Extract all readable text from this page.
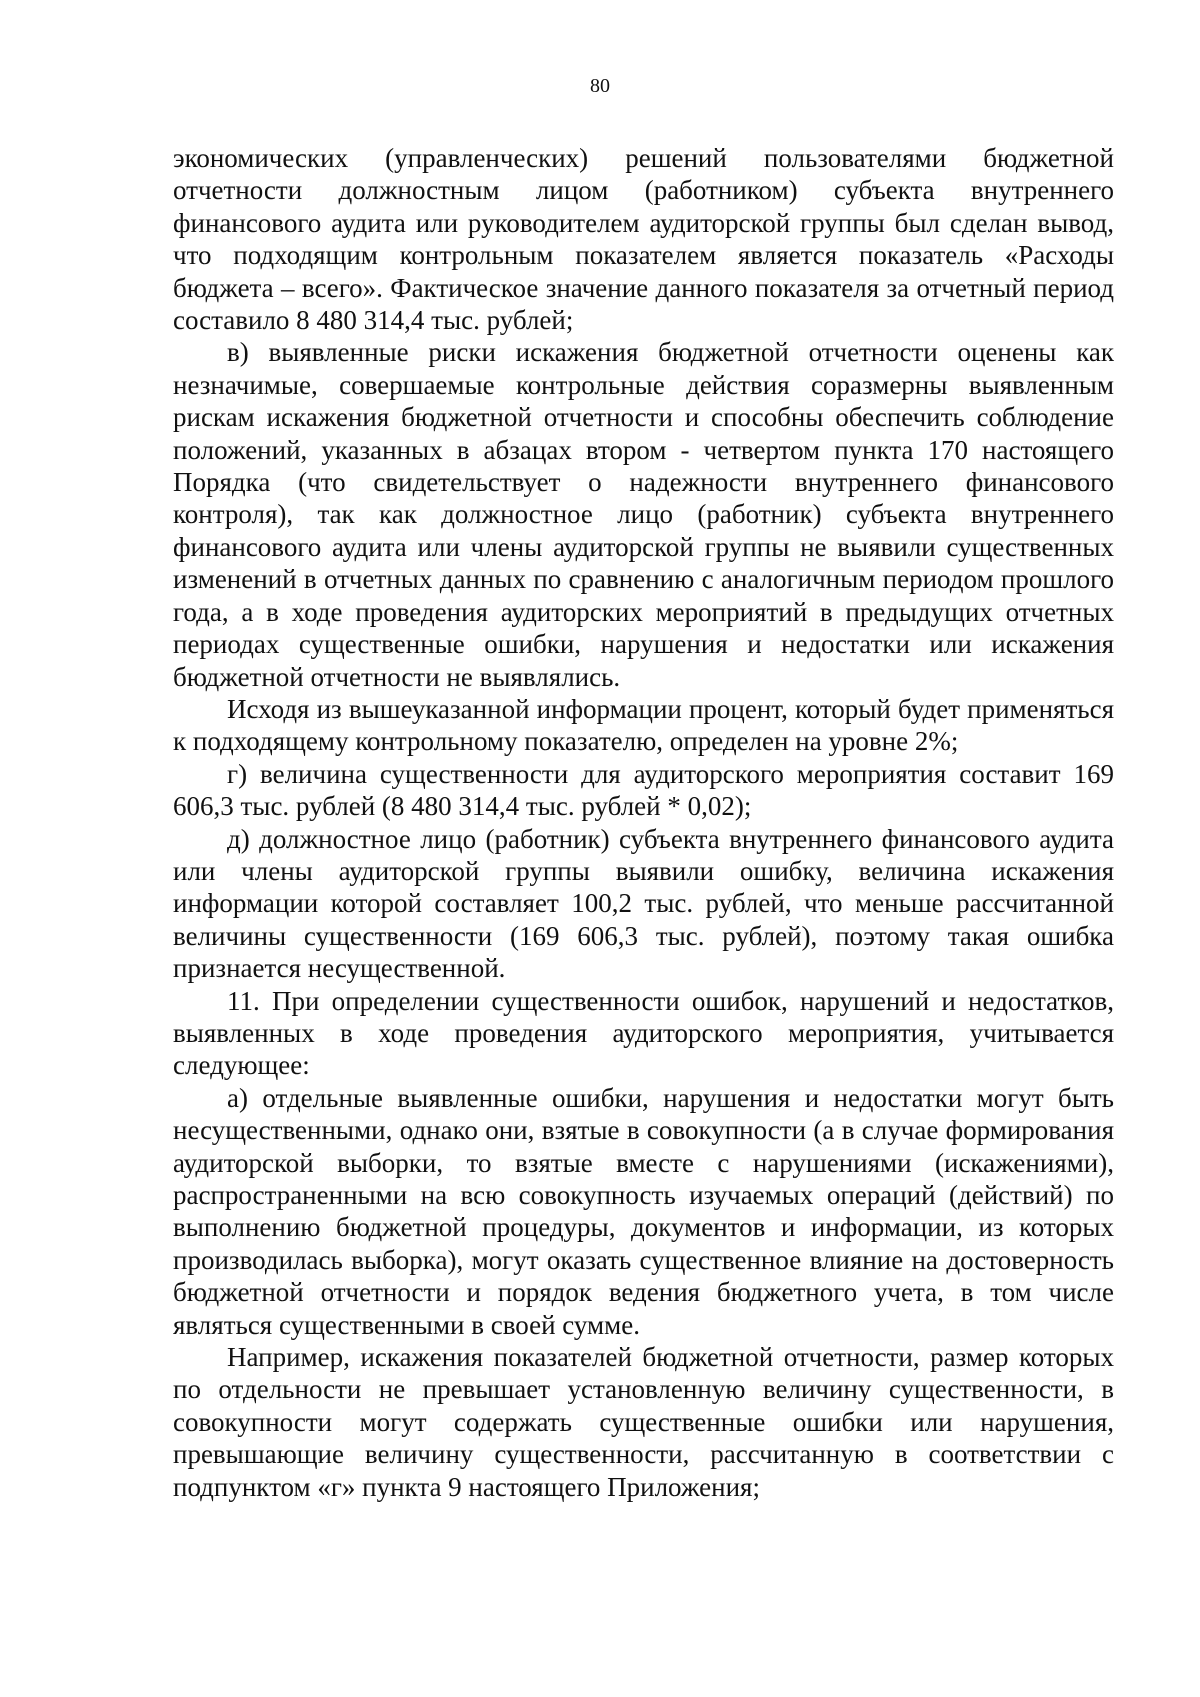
80

экономических (управленческих) решений пользователями бюджетной отчетности должностным лицом (работником) субъекта внутреннего финансового аудита или руководителем аудиторской группы был сделан вывод, что подходящим контрольным показателем является показатель «Расходы бюджета – всего». Фактическое значение данного показателя за отчетный период составило 8 480 314,4 тыс. рублей;

в) выявленные риски искажения бюджетной отчетности оценены как незначимые, совершаемые контрольные действия соразмерны выявленным рискам искажения бюджетной отчетности и способны обеспечить соблюдение положений, указанных в абзацах втором - четвертом пункта 170 настоящего Порядка (что свидетельствует о надежности внутреннего финансового контроля), так как должностное лицо (работник) субъекта внутреннего финансового аудита или члены аудиторской группы не выявили существенных изменений в отчетных данных по сравнению с аналогичным периодом прошлого года, а в ходе проведения аудиторских мероприятий в предыдущих отчетных периодах существенные ошибки, нарушения и недостатки или искажения бюджетной отчетности не выявлялись.

Исходя из вышеуказанной информации процент, который будет применяться к подходящему контрольному показателю, определен на уровне 2%;

г) величина существенности для аудиторского мероприятия составит 169 606,3 тыс. рублей (8 480 314,4 тыс. рублей * 0,02);

д) должностное лицо (работник) субъекта внутреннего финансового аудита или члены аудиторской группы выявили ошибку, величина искажения информации которой составляет 100,2 тыс. рублей, что меньше рассчитанной величины существенности (169 606,3 тыс. рублей), поэтому такая ошибка признается несущественной.

11. При определении существенности ошибок, нарушений и недостатков, выявленных в ходе проведения аудиторского мероприятия, учитывается следующее:

а) отдельные выявленные ошибки, нарушения и недостатки могут быть несущественными, однако они, взятые в совокупности (а в случае формирования аудиторской выборки, то взятые вместе с нарушениями (искажениями), распространенными на всю совокупность изучаемых операций (действий) по выполнению бюджетной процедуры, документов и информации, из которых производилась выборка), могут оказать существенное влияние на достоверность бюджетной отчетности и порядок ведения бюджетного учета, в том числе являться существенными в своей сумме.

Например, искажения показателей бюджетной отчетности, размер которых по отдельности не превышает установленную величину существенности, в совокупности могут содержать существенные ошибки или нарушения, превышающие величину существенности, рассчитанную в соответствии с подпунктом «г» пункта 9 настоящего Приложения;
